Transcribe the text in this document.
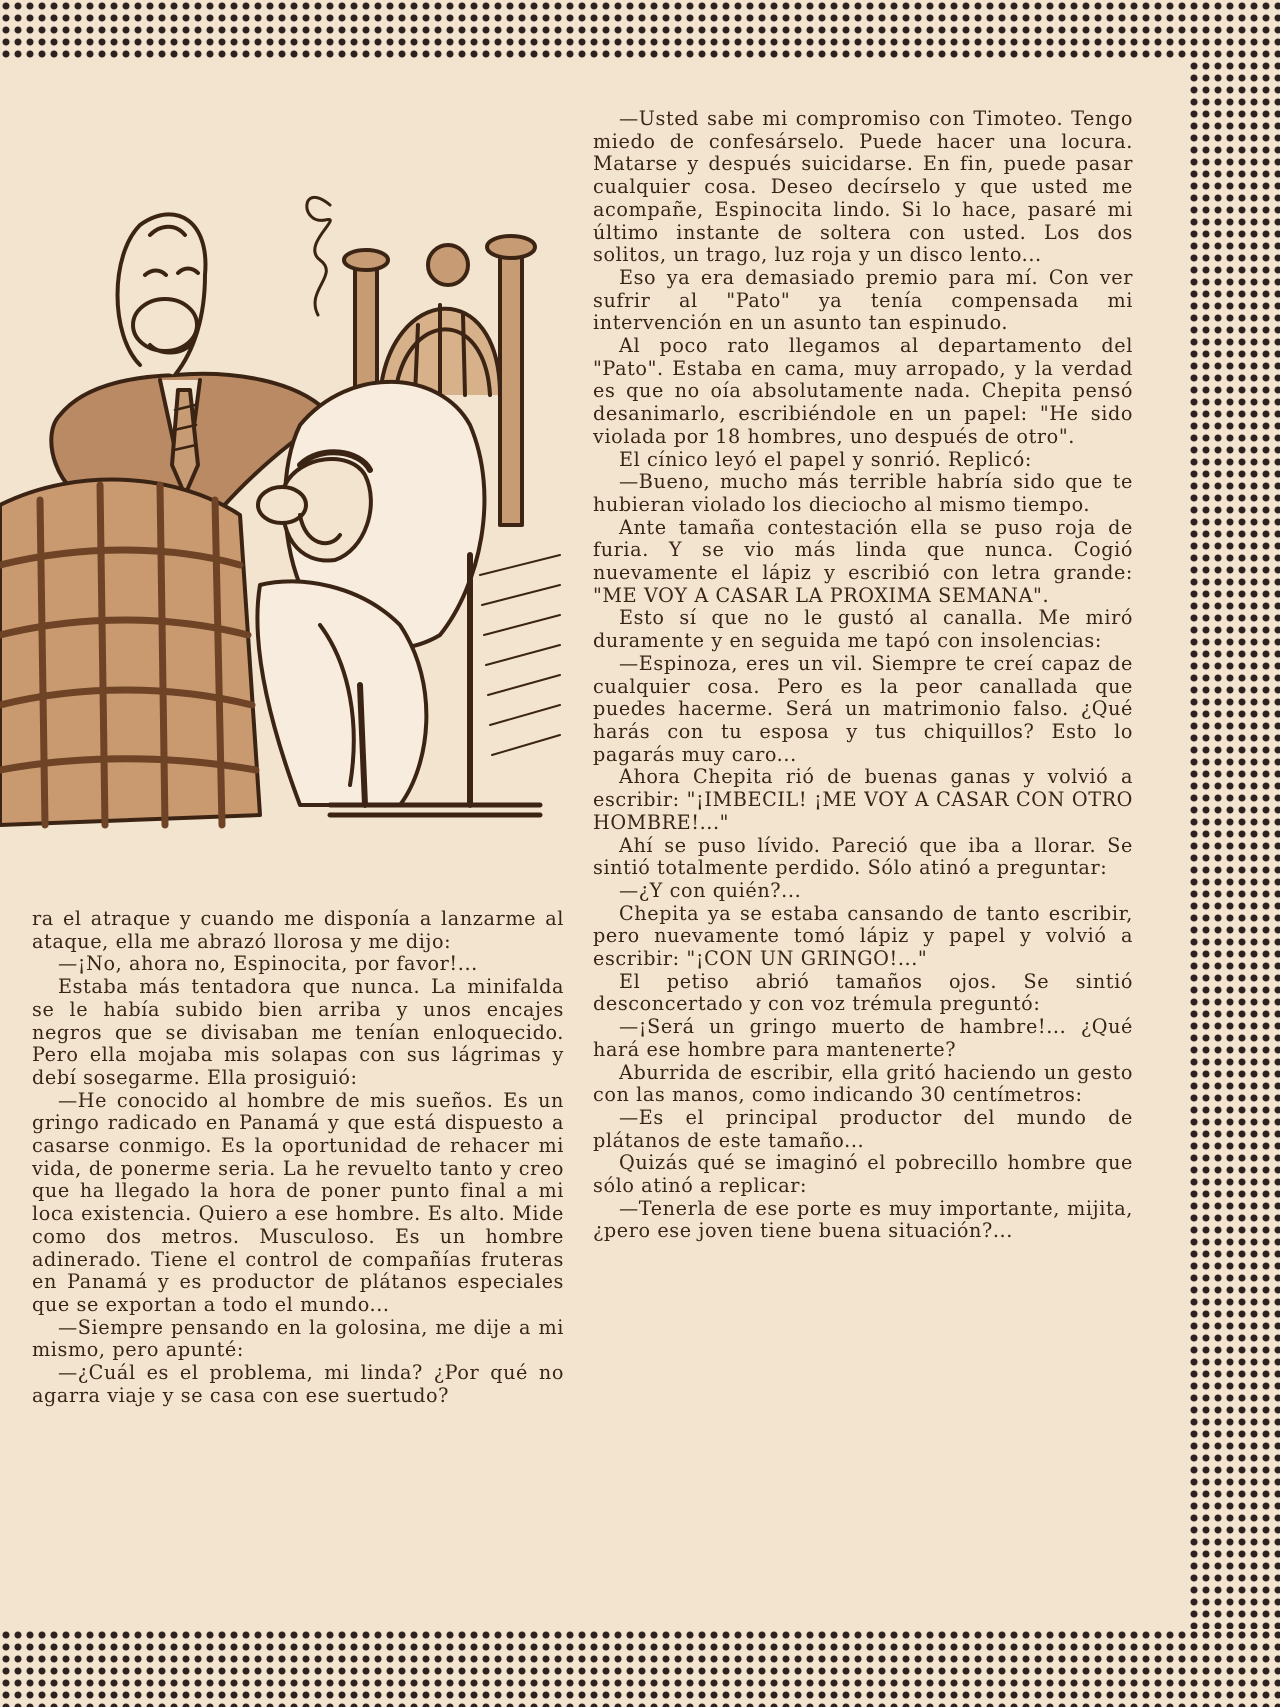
ra el atraque y cuando me disponía a lanzarme al ataque, ella me abrazó llorosa y me dijo:

—¡No, ahora no, Espinocita, por favor!...

Estaba más tentadora que nunca. La minifalda se le había subido bien arriba y unos encajes negros que se divisaban me tenían enloquecido. Pero ella mojaba mis solapas con sus lágrimas y debí sosegarme. Ella prosiguió:

—He conocido al hombre de mis sueños. Es un gringo radicado en Panamá y que está dispuesto a casarse conmigo. Es la oportunidad de rehacer mi vida, de ponerme seria. La he revuelto tanto y creo que ha llegado la hora de poner punto final a mi loca existencia. Quiero a ese hombre. Es alto. Mide como dos metros. Musculoso. Es un hombre adinerado. Tiene el control de compañías fruteras en Panamá y es productor de plátanos especiales que se exportan a todo el mundo...

—Siempre pensando en la golosina, me dije a mi mismo, pero apunté:

—¿Cuál es el problema, mi linda? ¿Por qué no agarra viaje y se casa con ese suertudo?

—Usted sabe mi compromiso con Timoteo. Tengo miedo de confesárselo. Puede hacer una locura. Matarse y después suicidarse. En fin, puede pasar cualquier cosa. Deseo decírselo y que usted me acompañe, Espinocita lindo. Si lo hace, pasaré mi último instante de soltera con usted. Los dos solitos, un trago, luz roja y un disco lento...

Eso ya era demasiado premio para mí. Con ver sufrir al "Pato" ya tenía compensada mi intervención en un asunto tan espinudo.

Al poco rato llegamos al departamento del "Pato". Estaba en cama, muy arropado, y la verdad es que no oía absolutamente nada. Chepita pensó desanimarlo, escribiéndole en un papel: "He sido violada por 18 hombres, uno después de otro".

El cínico leyó el papel y sonrió. Replicó:

—Bueno, mucho más terrible habría sido que te hubieran violado los dieciocho al mismo tiempo.

Ante tamaña contestación ella se puso roja de furia. Y se vio más linda que nunca. Cogió nuevamente el lápiz y escribió con letra grande: "ME VOY A CASAR LA PROXIMA SEMANA".

Esto sí que no le gustó al canalla. Me miró duramente y en seguida me tapó con insolencias:

—Espinoza, eres un vil. Siempre te creí capaz de cualquier cosa. Pero es la peor canallada que puedes hacerme. Será un matrimonio falso. ¿Qué harás con tu esposa y tus chiquillos? Esto lo pagarás muy caro...

Ahora Chepita rió de buenas ganas y volvió a escribir: "¡IMBECIL! ¡ME VOY A CASAR CON OTRO HOMBRE!..."

Ahí se puso lívido. Pareció que iba a llorar. Se sintió totalmente perdido. Sólo atinó a preguntar:

—¿Y con quién?...

Chepita ya se estaba cansando de tanto escribir, pero nuevamente tomó lápiz y papel y volvió a escribir: "¡CON UN GRINGO!..."

El petiso abrió tamaños ojos. Se sintió desconcertado y con voz trémula preguntó:

—¡Será un gringo muerto de hambre!... ¿Qué hará ese hombre para mantenerte?

Aburrida de escribir, ella gritó haciendo un gesto con las manos, como indicando 30 centímetros:

—Es el principal productor del mundo de plátanos de este tamaño...

Quizás qué se imaginó el pobrecillo hombre que sólo atinó a replicar:

—Tenerla de ese porte es muy importante, mijita, ¿pero ese joven tiene buena situación?...
